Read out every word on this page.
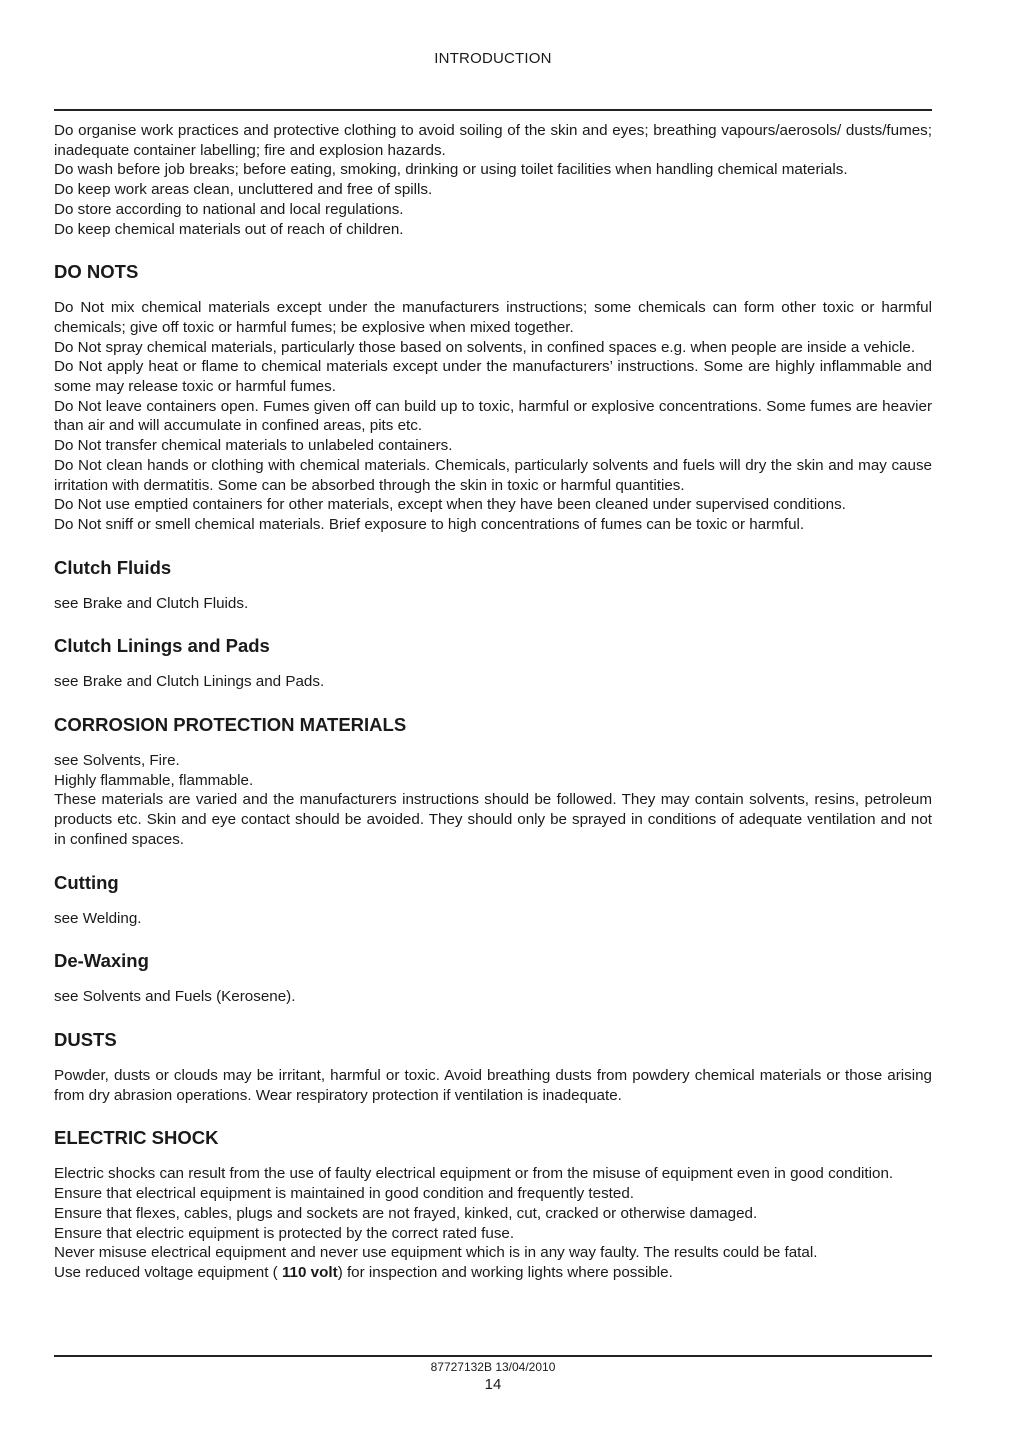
INTRODUCTION

Do organise work practices and protective clothing to avoid soiling of the skin and eyes; breathing vapours/aerosols/ dusts/fumes; inadequate container labelling; fire and explosion hazards.

Do wash before job breaks; before eating, smoking, drinking or using toilet facilities when handling chemical materials.

Do keep work areas clean, uncluttered and free of spills.

Do store according to national and local regulations.

Do keep chemical materials out of reach of children.

DO NOTS

Do Not mix chemical materials except under the manufacturers instructions; some chemicals can form other toxic or harmful chemicals; give off toxic or harmful fumes; be explosive when mixed together.

Do Not spray chemical materials, particularly those based on solvents, in confined spaces e.g. when people are inside a vehicle.

Do Not apply heat or flame to chemical materials except under the manufacturers’ instructions. Some are highly inflammable and some may release toxic or harmful fumes.

Do Not leave containers open. Fumes given off can build up to toxic, harmful or explosive concentrations. Some fumes are heavier than air and will accumulate in confined areas, pits etc.

Do Not transfer chemical materials to unlabeled containers.

Do Not clean hands or clothing with chemical materials. Chemicals, particularly solvents and fuels will dry the skin and may cause irritation with dermatitis. Some can be absorbed through the skin in toxic or harmful quantities.

Do Not use emptied containers for other materials, except when they have been cleaned under supervised conditions.

Do Not sniff or smell chemical materials. Brief exposure to high concentrations of fumes can be toxic or harmful.

Clutch Fluids

see Brake and Clutch Fluids.

Clutch Linings and Pads

see Brake and Clutch Linings and Pads.

CORROSION PROTECTION MATERIALS

see Solvents, Fire.

Highly flammable, flammable.

These materials are varied and the manufacturers instructions should be followed. They may contain solvents, resins, petroleum products etc. Skin and eye contact should be avoided. They should only be sprayed in conditions of adequate ventilation and not in confined spaces.

Cutting

see Welding.

De-Waxing

see Solvents and Fuels (Kerosene).

DUSTS

Powder, dusts or clouds may be irritant, harmful or toxic. Avoid breathing dusts from powdery chemical materials or those arising from dry abrasion operations. Wear respiratory protection if ventilation is inadequate.

ELECTRIC SHOCK

Electric shocks can result from the use of faulty electrical equipment or from the misuse of equipment even in good condition.

Ensure that electrical equipment is maintained in good condition and frequently tested.

Ensure that flexes, cables, plugs and sockets are not frayed, kinked, cut, cracked or otherwise damaged.

Ensure that electric equipment is protected by the correct rated fuse.

Never misuse electrical equipment and never use equipment which is in any way faulty. The results could be fatal.

Use reduced voltage equipment ( 110 volt) for inspection and working lights where possible.

87727132B 13/04/2010
14
